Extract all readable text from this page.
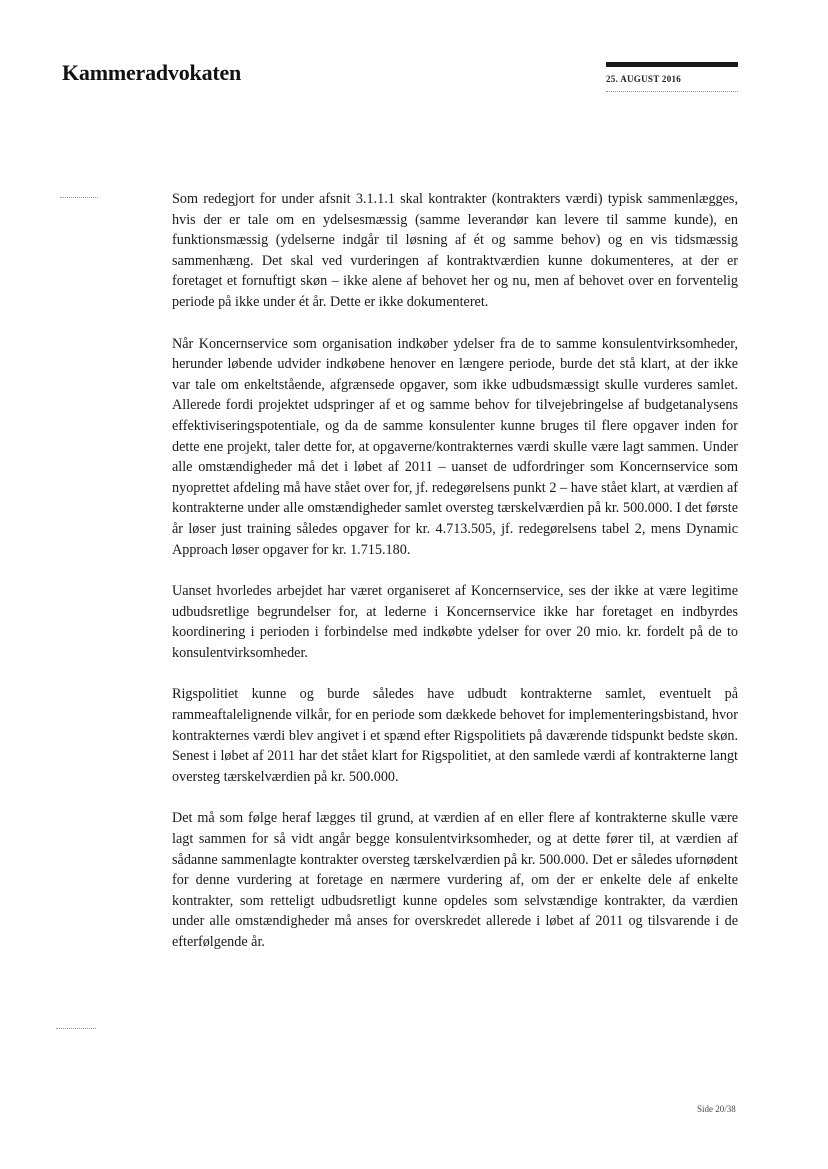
Kammeradvokaten	25. AUGUST 2016

Som redegjort for under afsnit 3.1.1.1 skal kontrakter (kontrakters værdi) typisk sammenlægges, hvis der er tale om en ydelsesmæssig (samme leverandør kan levere til samme kunde), en funktionsmæssig (ydelserne indgår til løsning af ét og samme behov) og en vis tidsmæssig sammenhæng. Det skal ved vurderingen af kontraktværdien kunne dokumenteres, at der er foretaget et fornuftigt skøn – ikke alene af behovet her og nu, men af behovet over en forventelig periode på ikke under ét år. Dette er ikke dokumenteret.

Når Koncernservice som organisation indkøber ydelser fra de to samme konsulentvirksomheder, herunder løbende udvider indkøbene henover en længere periode, burde det stå klart, at der ikke var tale om enkeltstående, afgrænsede opgaver, som ikke udbudsmæssigt skulle vurderes samlet. Allerede fordi projektet udspringer af et og samme behov for tilvejebringelse af budgetanalysens effektiviseringspotentiale, og da de samme konsulenter kunne bruges til flere opgaver inden for dette ene projekt, taler dette for, at opgaverne/kontrakternes værdi skulle være lagt sammen. Under alle omstændigheder må det i løbet af 2011 – uanset de udfordringer som Koncernservice som nyoprettet afdeling må have stået over for, jf. redegørelsens punkt 2 – have stået klart, at værdien af kontrakterne under alle omstændigheder samlet oversteg tærskelværdien på kr. 500.000. I det første år løser just training således opgaver for kr. 4.713.505, jf. redegørelsens tabel 2, mens Dynamic Approach løser opgaver for kr. 1.715.180.

Uanset hvorledes arbejdet har været organiseret af Koncernservice, ses der ikke at være legitime udbudsretlige begrundelser for, at lederne i Koncernservice ikke har foretaget en indbyrdes koordinering i perioden i forbindelse med indkøbte ydelser for over 20 mio. kr. fordelt på de to konsulentvirksomheder.

Rigspolitiet kunne og burde således have udbudt kontrakterne samlet, eventuelt på rammeaftalelignende vilkår, for en periode som dækkede behovet for implementeringsbistand, hvor kontrakternes værdi blev angivet i et spænd efter Rigspolitiets på daværende tidspunkt bedste skøn. Senest i løbet af 2011 har det stået klart for Rigspolitiet, at den samlede værdi af kontrakterne langt oversteg tærskelværdien på kr. 500.000.

Det må som følge heraf lægges til grund, at værdien af en eller flere af kontrakterne skulle være lagt sammen for så vidt angår begge konsulentvirksomheder, og at dette fører til, at værdien af sådanne sammenlagte kontrakter oversteg tærskelværdien på kr. 500.000. Det er således ufornødent for denne vurdering at foretage en nærmere vurdering af, om der er enkelte dele af enkelte kontrakter, som retteligt udbudsretligt kunne opdeles som selvstændige kontrakter, da værdien under alle omstændigheder må anses for overskredet allerede i løbet af 2011 og tilsvarende i de efterfølgende år.

Side 20/38
